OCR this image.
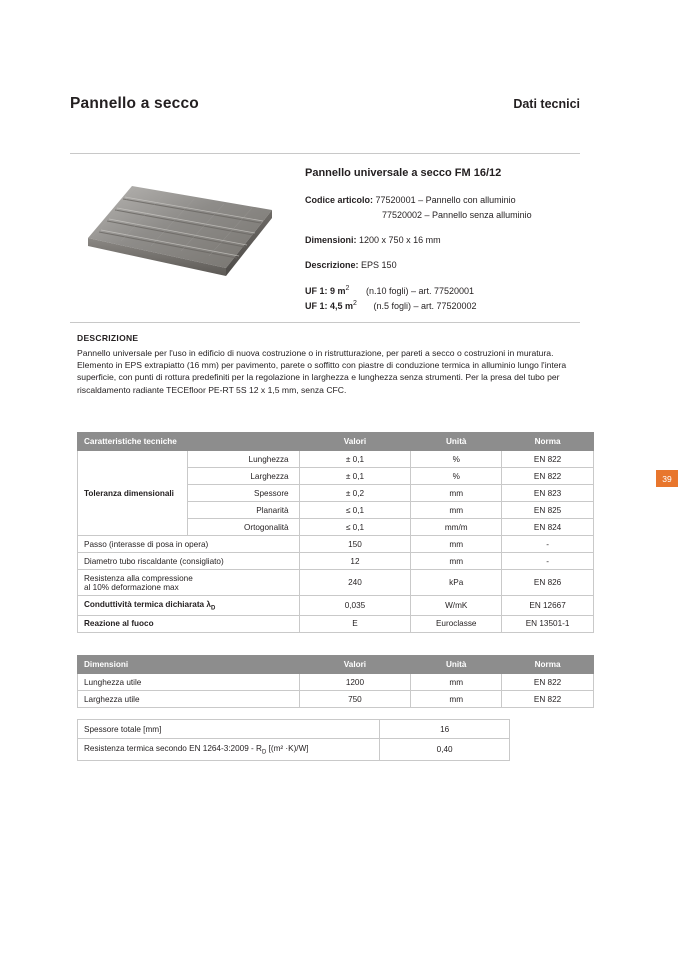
Pannello a secco	Dati tecnici
Pannello universale a secco FM 16/12
Codice articolo: 77520001 – Pannello con alluminio
77520002 – Pannello senza alluminio
Dimensioni: 1200 x 750 x 16 mm
Descrizione: EPS 150
UF 1: 9 $m^2$ (n.10 fogli) – art. 77520001
UF 1: 4,5 $m^2$ (n.5 fogli) – art. 77520002
DESCRIZIONE
Pannello universale per l'uso in edificio di nuova costruzione o in ristrutturazione, per pareti a secco o costruzioni in muratura. Elemento in EPS extrapiatto (16 mm) per pavimento, parete o soffitto con piastre di conduzione termica in alluminio lungo l'intera superficie, con punti di rottura predefiniti per la regolazione in larghezza e lunghezza senza strumenti. Per la presa del tubo per riscaldamento radiante TECEfloor PE-RT 5S 12 x 1,5 mm, senza CFC.
Caratteristiche tecniche		Valori	Unità	Norma
Toleranza dimensionali	Lunghezza	± 0,1	%	EN 822
	Larghezza	± 0,1	%	EN 822
	Spessore	± 0,2	mm	EN 823
	Planarità	≤ 0,1	mm	EN 825
	Ortogonalità	≤ 0,1	mm/m	EN 824
Passo (interasse di posa in opera)		150	mm	-
Diametro tubo riscaldante (consigliato)		12	mm	-
Resistenza alla compressione
al 10% deformazione max		240	kPa	EN 826
Conduttività termica dichiarata $\lambda_D$		0,035	W/mK	EN 12667
Reazione al fuoco		E	Euroclasse	EN 13501-1
Dimensioni	Valori	Unità	Norma
Lunghezza utile	1200	mm	EN 822
Larghezza utile	750	mm	EN 822
Spessore totale [mm]	16
Resistenza termica secondo EN 1264-3:2009 - $R_D$ [(m² ·K)/W]	0,40
39
